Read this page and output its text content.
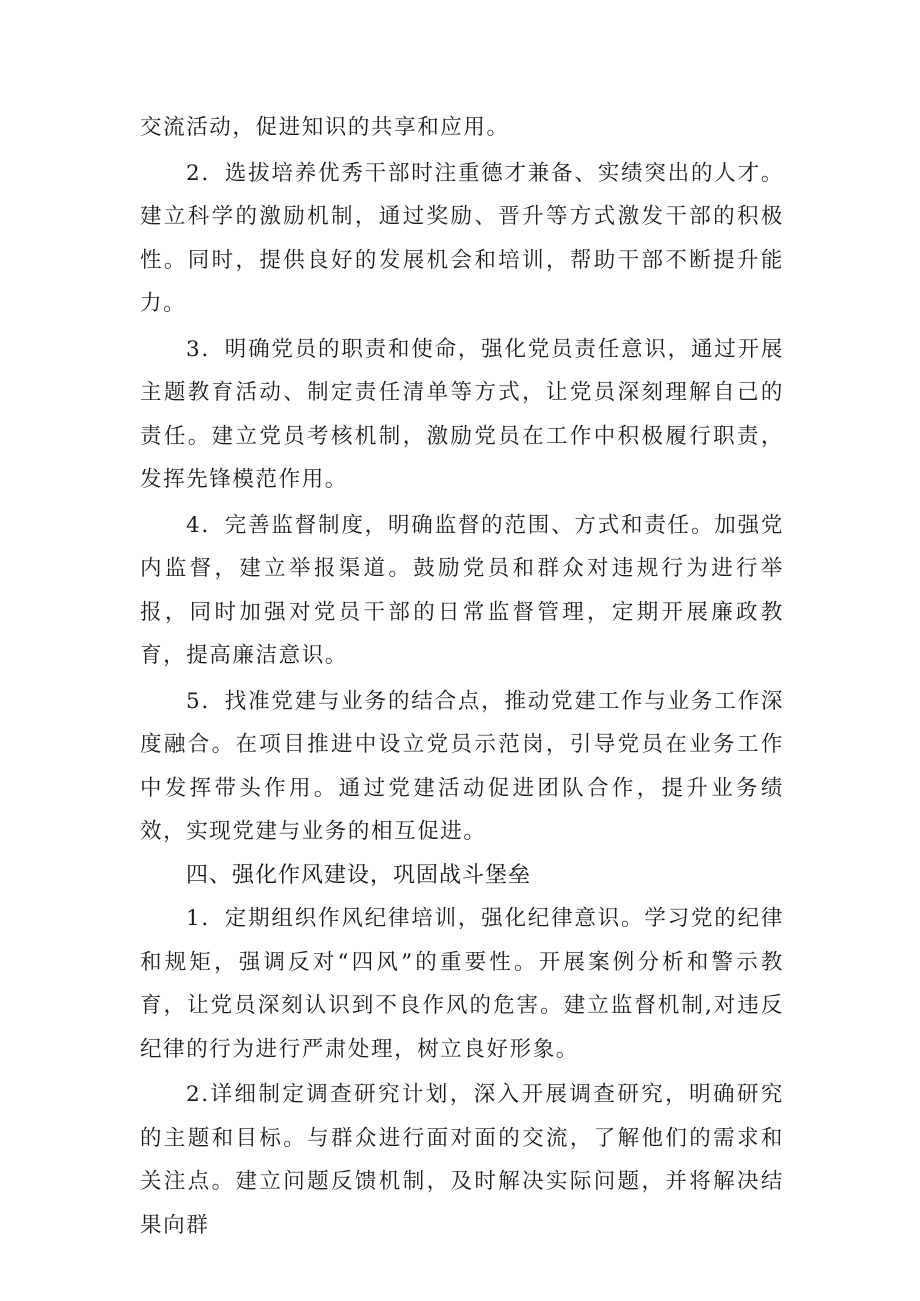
交流活动，促进知识的共享和应用。

2．选拔培养优秀干部时注重德才兼备、实绩突出的人才。建立科学的激励机制，通过奖励、晋升等方式激发干部的积极性。同时，提供良好的发展机会和培训，帮助干部不断提升能力。

3．明确党员的职责和使命，强化党员责任意识，通过开展主题教育活动、制定责任清单等方式，让党员深刻理解自己的责任。建立党员考核机制，激励党员在工作中积极履行职责，发挥先锋模范作用。

4．完善监督制度，明确监督的范围、方式和责任。加强党内监督，建立举报渠道。鼓励党员和群众对违规行为进行举报，同时加强对党员干部的日常监督管理，定期开展廉政教育，提高廉洁意识。

5．找准党建与业务的结合点，推动党建工作与业务工作深度融合。在项目推进中设立党员示范岗，引导党员在业务工作中发挥带头作用。通过党建活动促进团队合作，提升业务绩效，实现党建与业务的相互促进。

四、强化作风建设，巩固战斗堡垒

1．定期组织作风纪律培训，强化纪律意识。学习党的纪律和规矩，强调反对“四风”的重要性。开展案例分析和警示教育，让党员深刻认识到不良作风的危害。建立监督机制,对违反纪律的行为进行严肃处理，树立良好形象。

2.详细制定调查研究计划，深入开展调查研究，明确研究的主题和目标。与群众进行面对面的交流，了解他们的需求和关注点。建立问题反馈机制，及时解决实际问题，并将解决结果向群
